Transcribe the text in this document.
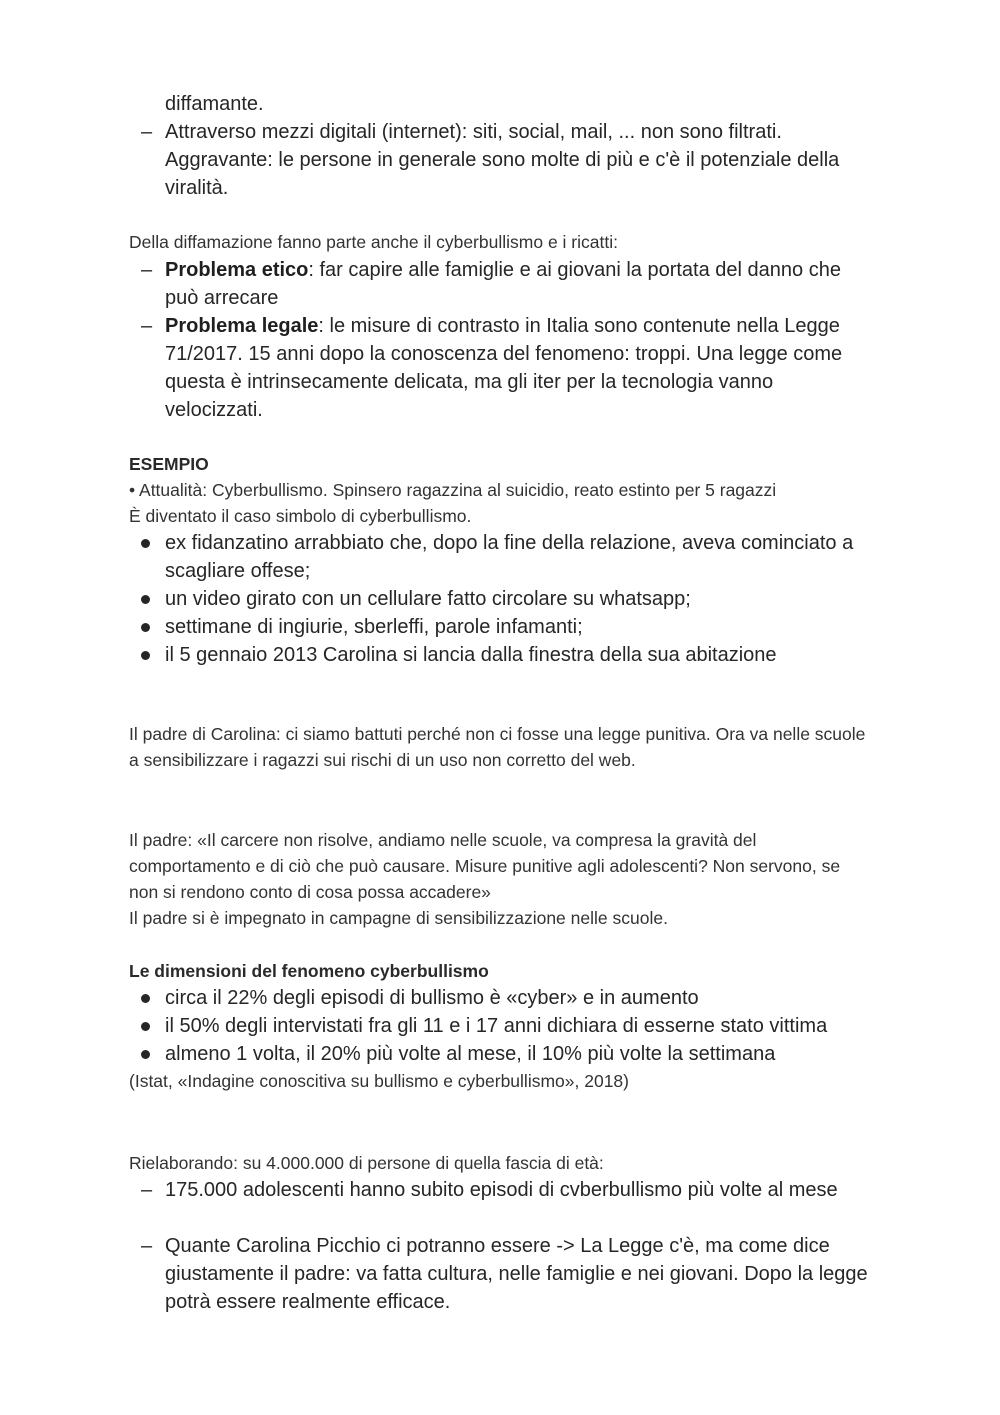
diffamante.

– Attraverso mezzi digitali (internet): siti, social, mail, ... non sono filtrati. Aggravante: le persone in generale sono molte di più e c'è il potenziale della viralità.

Della diffamazione fanno parte anche il cyberbullismo e i ricatti:

– Problema etico: far capire alle famiglie e ai giovani la portata del danno che può arrecare
– Problema legale: le misure di contrasto in Italia sono contenute nella Legge 71/2017. 15 anni dopo la conoscenza del fenomeno: troppi. Una legge come questa è intrinsecamente delicata, ma gli iter per la tecnologia vanno velocizzati.

ESEMPIO

• Attualità: Cyberbullismo. Spinsero ragazzina al suicidio, reato estinto per 5 ragazzi

È diventato il caso simbolo di cyberbullismo.

ex fidanzatino arrabbiato che, dopo la fine della relazione, aveva cominciato a scagliare offese;
un video girato con un cellulare fatto circolare su whatsapp;
settimane di ingiurie, sberleffi, parole infamanti;
il 5 gennaio 2013 Carolina si lancia dalla finestra della sua abitazione

Il padre di Carolina: ci siamo battuti perché non ci fosse una legge punitiva. Ora va nelle scuole a sensibilizzare i ragazzi sui rischi di un uso non corretto del web.

Il padre: «Il carcere non risolve, andiamo nelle scuole, va compresa la gravità del comportamento e di ciò che può causare. Misure punitive agli adolescenti? Non servono, se non si rendono conto di cosa possa accadere»

Il padre si è impegnato in campagne di sensibilizzazione nelle scuole.

Le dimensioni del fenomeno cyberbullismo

circa il 22% degli episodi di bullismo è «cyber» e in aumento
il 50% degli intervistati fra gli 11 e i 17 anni dichiara di esserne stato vittima
almeno 1 volta, il 20% più volte al mese, il 10% più volte la settimana

(Istat, «Indagine conoscitiva su bullismo e cyberbullismo», 2018)

Rielaborando: su 4.000.000 di persone di quella fascia di età:

– 175.000 adolescenti hanno subito episodi di cvberbullismo più volte al mese
– Quante Carolina Picchio ci potranno essere -> La Legge c'è, ma come dice giustamente il padre: va fatta cultura, nelle famiglie e nei giovani. Dopo la legge potrà essere realmente efficace.
